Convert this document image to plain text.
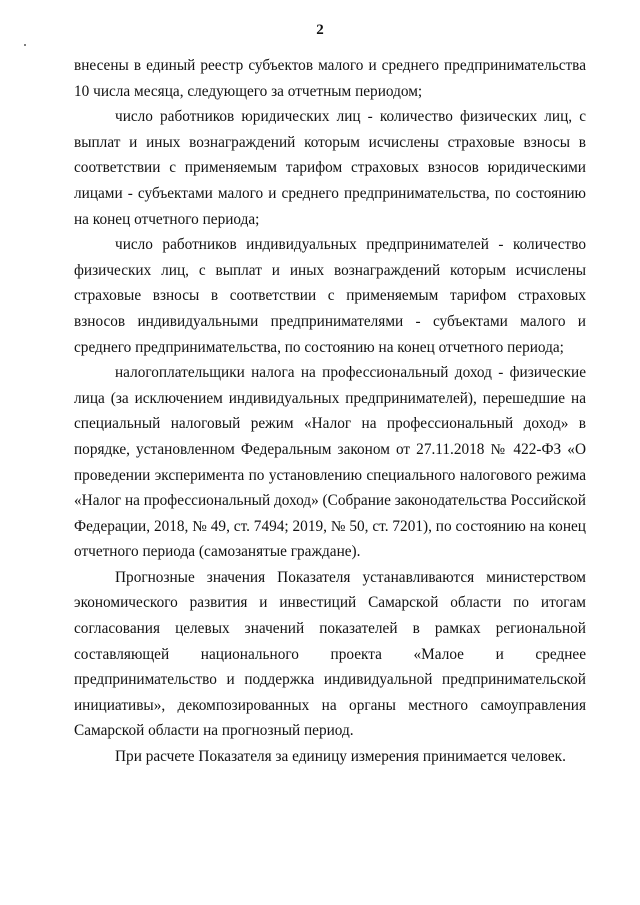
2

внесены в единый реестр субъектов малого и среднего предпринимательства 10 числа месяца, следующего за отчетным периодом;

число работников юридических лиц - количество физических лиц, с выплат и иных вознаграждений которым исчислены страховые взносы в соответствии с применяемым тарифом страховых взносов юридическими лицами - субъектами малого и среднего предпринимательства, по состоянию на конец отчетного периода;

число работников индивидуальных предпринимателей - количество физических лиц, с выплат и иных вознаграждений которым исчислены страховые взносы в соответствии с применяемым тарифом страховых взносов индивидуальными предпринимателями - субъектами малого и среднего предпринимательства, по состоянию на конец отчетного периода;

налогоплательщики налога на профессиональный доход - физические лица (за исключением индивидуальных предпринимателей), перешедшие на специальный налоговый режим «Налог на профессиональный доход» в порядке, установленном Федеральным законом от 27.11.2018 № 422-ФЗ «О проведении эксперимента по установлению специального налогового режима «Налог на профессиональный доход» (Собрание законодательства Российской Федерации, 2018, № 49, ст. 7494; 2019, № 50, ст. 7201), по состоянию на конец отчетного периода (самозанятые граждане).

Прогнозные значения Показателя устанавливаются министерством экономического развития и инвестиций Самарской области по итогам согласования целевых значений показателей в рамках региональной составляющей национального проекта «Малое и среднее предпринимательство и поддержка индивидуальной предпринимательской инициативы», декомпозированных на органы местного самоуправления Самарской области на прогнозный период.

При расчете Показателя за единицу измерения принимается человек.
